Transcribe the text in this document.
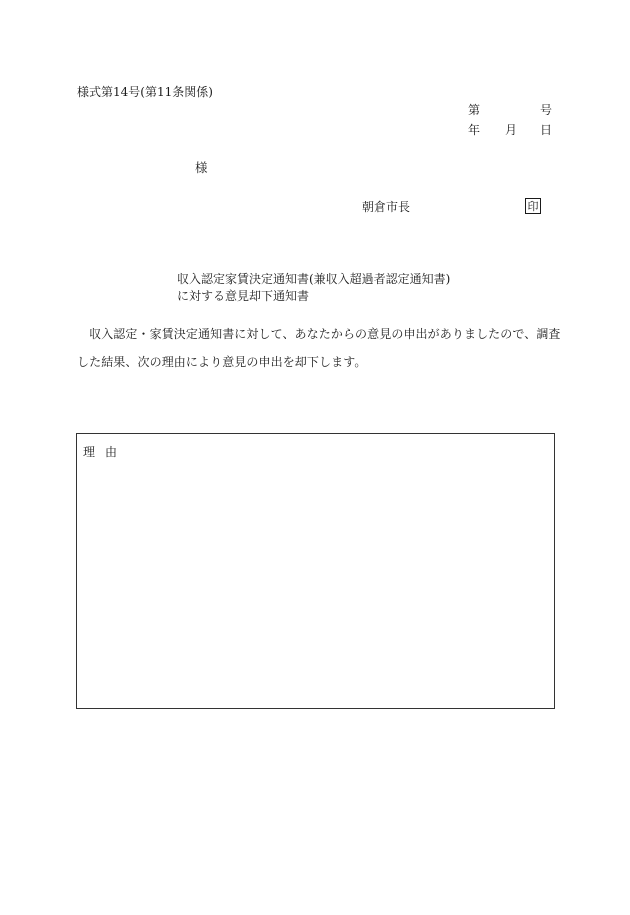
様式第14号(第11条関係)
第	号
年 月 日
様
朝倉市長	印
収入認定家賃決定通知書(兼収入超過者認定通知書)
に対する意見却下通知書
　収入認定・家賃決定通知書に対して、あなたからの意見の申出がありましたので、調査
した結果、次の理由により意見の申出を却下します。
理由
